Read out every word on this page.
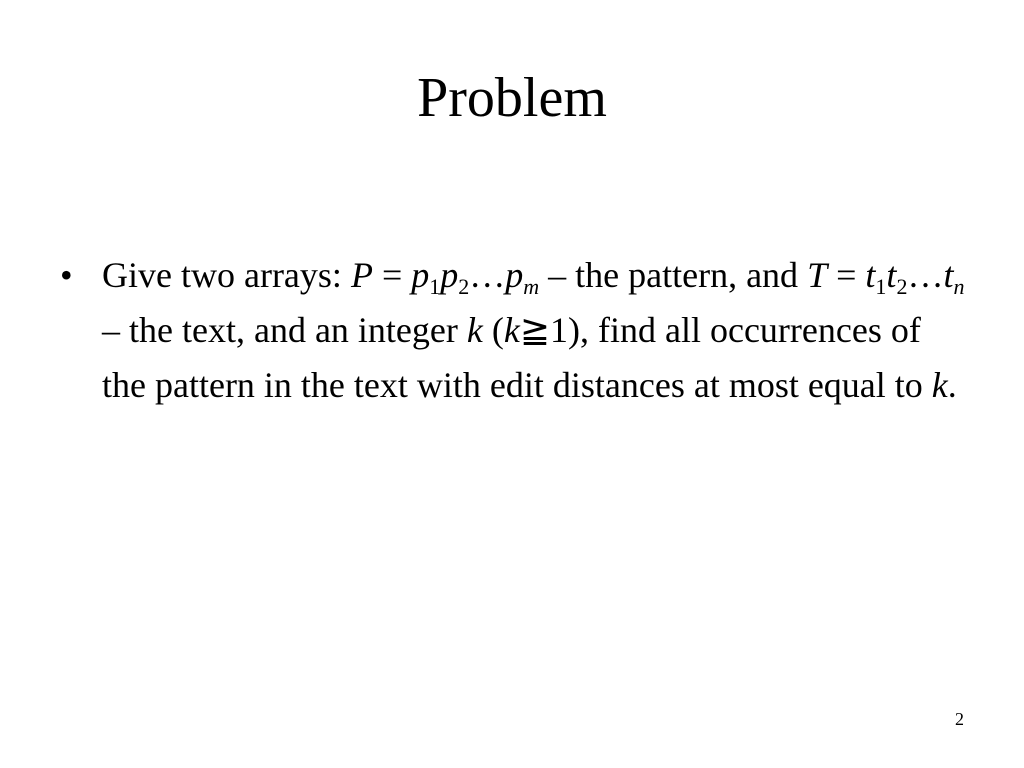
Problem
• Give two arrays: $P = p_1p_2\dots p_m$ – the pattern, and $T = t_1t_2\dots t_n$ – the text, and an integer k (k≧1), find all occurrences of the pattern in the text with edit distances at most equal to k.
2
